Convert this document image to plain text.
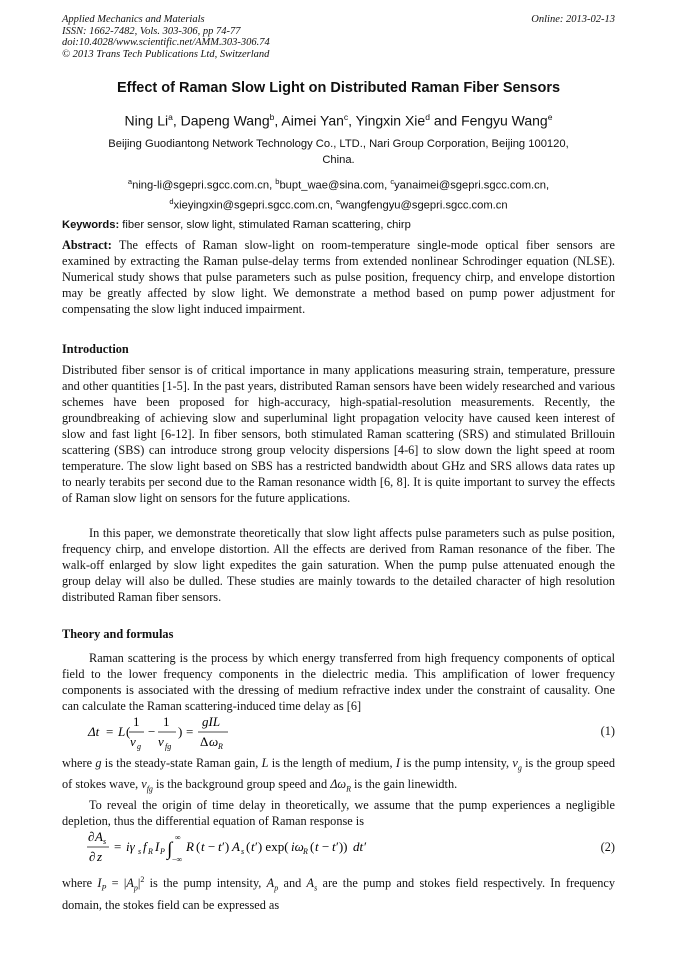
Applied Mechanics and Materials
ISSN: 1662-7482, Vols. 303-306, pp 74-77
doi:10.4028/www.scientific.net/AMM.303-306.74
© 2013 Trans Tech Publications Ltd, Switzerland
Online: 2013-02-13
Effect of Raman Slow Light on Distributed Raman Fiber Sensors
Ning Li$^a$, Dapeng Wang$^b$, Aimei Yan$^c$, Yingxin Xie$^d$ and Fengyu Wang$^e$
Beijing Guodiantong Network Technology Co., LTD., Nari Group Corporation, Beijing 100120,
China.
$^a$ning-li@sgepri.sgcc.com.cn, $^b$bupt_wae@sina.com, $^c$yanaimei@sgepri.sgcc.com.cn,
$^d$xieyingxin@sgepri.sgcc.com.cn, $^e$wangfengyu@sgepri.sgcc.com.cn
Keywords: fiber sensor, slow light, stimulated Raman scattering, chirp
Abstract: The effects of Raman slow-light on room-temperature single-mode optical fiber sensors are examined by extracting the Raman pulse-delay terms from extended nonlinear Schrodinger equation (NLSE). Numerical study shows that pulse parameters such as pulse position, frequency chirp, and envelope distortion may be greatly affected by slow light. We demonstrate a method based on pump power adjustment for compensating the slow light induced impairment.
Introduction
Distributed fiber sensor is of critical importance in many applications measuring strain, temperature, pressure and other quantities [1-5]. In the past years, distributed Raman sensors have been widely researched and various schemes have been proposed for high-accuracy, high-spatial-resolution measurements. Recently, the groundbreaking of achieving slow and superluminal light propagation velocity have caused keen interest of slow and fast light [6-12]. In fiber sensors, both stimulated Raman scattering (SRS) and stimulated Brillouin scattering (SBS) can introduce strong group velocity dispersions [4-6] to slow down the light speed at room temperature. The slow light based on SBS has a restricted bandwidth about GHz and SRS allows data rates up to nearly terabits per second due to the Raman resonance width [6, 8]. It is quite important to survey the effects of Raman slow light on sensors for the future applications.
In this paper, we demonstrate theoretically that slow light affects pulse parameters such as pulse position, frequency chirp, and envelope distortion. All the effects are derived from Raman resonance of the fiber. The walk-off enlarged by slow light expedites the gain saturation. When the pump pulse attenuated enough the group delay will also be dulled. These studies are mainly towards to the detailed character of high resolution distributed Raman fiber sensors.
Theory and formulas
Raman scattering is the process by which energy transferred from high frequency components of optical field to the lower frequency components in the dielectric media. This amplification of lower frequency components is associated with the dressing of medium refractive index under the constraint of causality. One can calculate the Raman scattering-induced time delay as [6]
Δt = L (
1
v g
−
1
v fg
) =
gIL
Δ ω R
(1)
where g is the steady-state Raman gain, L is the length of medium, I is the pump intensity, $v_g$ is the group speed of stokes wave, $v_{fg}$ is the background group speed and $\Delta\omega_R$ is the gain linewidth.
To reveal the origin of time delay in theoretically, we assume that the pump experiences a negligible depletion, thus the differential equation of Raman response is
∂ A s
∂ z
= iγ s f R I P ∫
∞
−∞
R ( t − t ′) A s ( t ′) exp( iω R ( t − t ′)) dt ′	(2)
where $I_P = |A_p|^2$ is the pump intensity, $A_p$ and $A_s$ are the pump and stokes field respectively. In frequency domain, the stokes field can be expressed as
